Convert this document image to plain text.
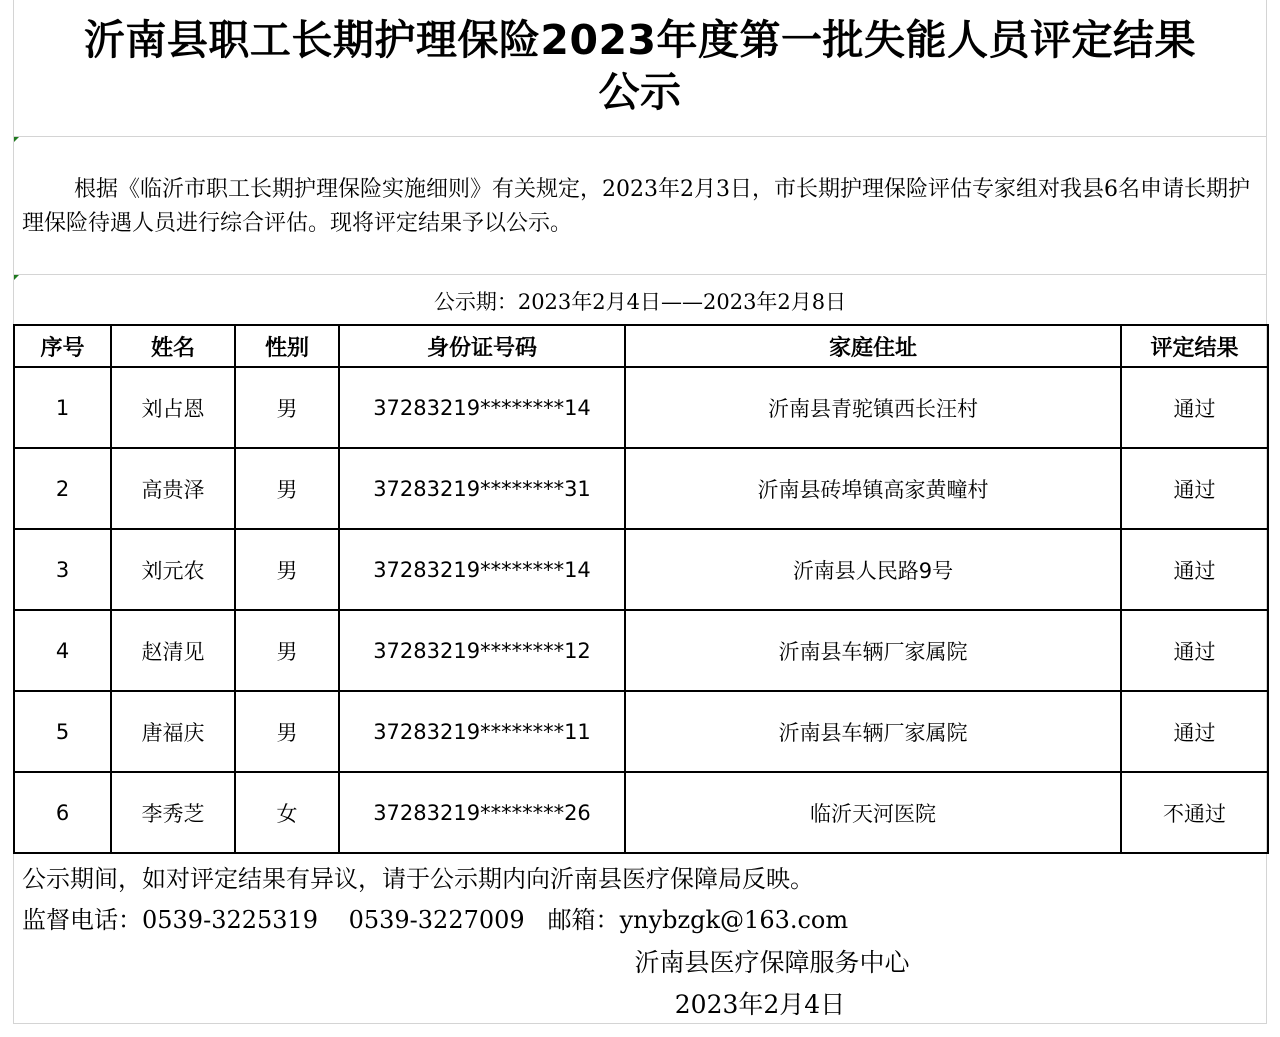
沂南县职工长期护理保险2023年度第一批失能人员评定结果
公示
根据《临沂市职工长期护理保险实施细则》有关规定，2023年2月3日，市长期护理保险评估专家组对我县6名申请长期护理保险待遇人员进行综合评估。现将评定结果予以公示。
公示期：2023年2月4日——2023年2月8日
序号	姓名	性别	身份证号码	家庭住址	评定结果
1	刘占恩	男	37283219********14	沂南县青驼镇西长汪村	通过
2	高贵泽	男	37283219********31	沂南县砖埠镇高家黄疃村	通过
3	刘元农	男	37283219********14	沂南县人民路9号	通过
4	赵清见	男	37283219********12	沂南县车辆厂家属院	通过
5	唐福庆	男	37283219********11	沂南县车辆厂家属院	通过
6	李秀芝	女	37283219********26	临沂天河医院	不通过
公示期间，如对评定结果有异议，请于公示期内向沂南县医疗保障局反映。
监督电话：0539-3225319 0539-3227009 邮箱：ynybzgk@163.com
沂南县医疗保障服务中心
2023年2月4日
